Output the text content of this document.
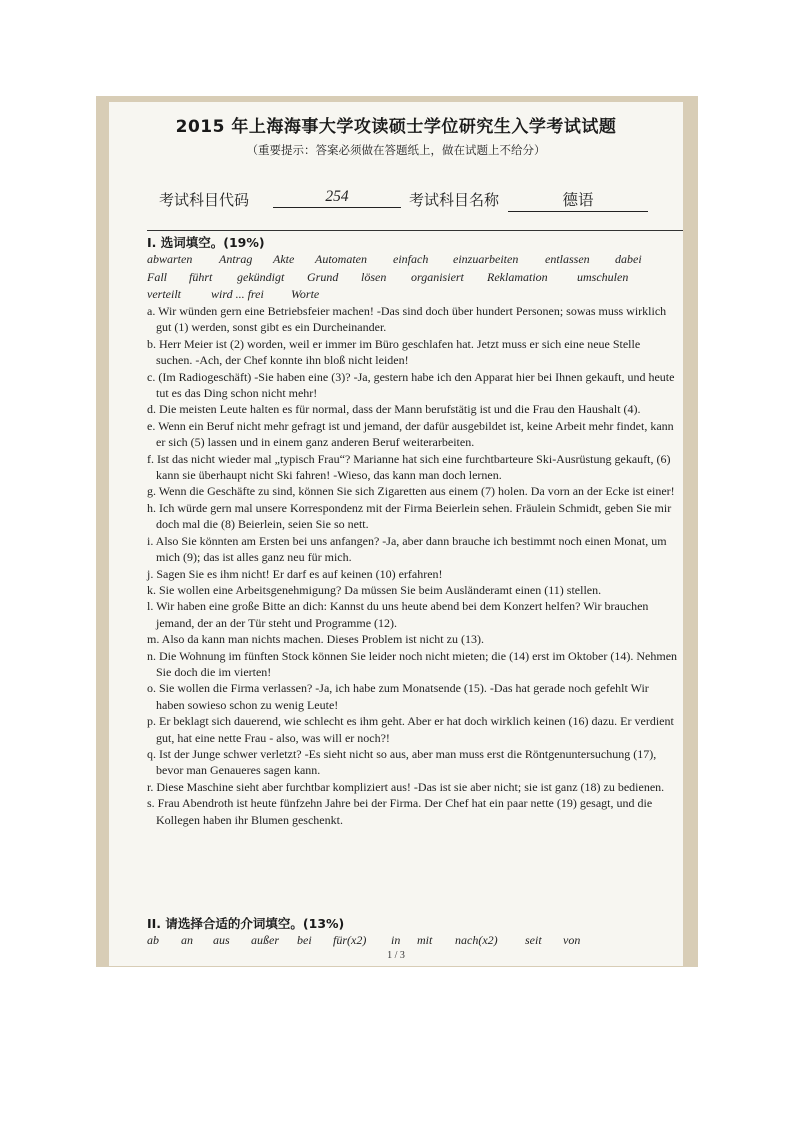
2015 年上海海事大学攻读硕士学位研究生入学考试试题
（重要提示：答案必须做在答题纸上，做在试题上不给分）
考试科目代码	254	考试科目名称	德语
I. 选词填空。(19%)
abwarten Antrag Akte Automaten einfach einzuarbeiten entlassen dabei
Fall führt gekündigt Grund lösen organisiert Reklamation umschulen
verteilt	wird ... frei Worte

a. Wir wünden gern eine Betriebsfeier machen! -Das sind doch über hundert Personen; sowas muss wirklich gut (1) werden, sonst gibt es ein Durcheinander.

b. Herr Meier ist (2) worden, weil er immer im Büro geschlafen hat. Jetzt muss er sich eine neue Stelle suchen. -Ach, der Chef konnte ihn bloß nicht leiden!

c. (Im Radiogeschäft) -Sie haben eine (3)? -Ja, gestern habe ich den Apparat hier bei Ihnen gekauft, und heute tut es das Ding schon nicht mehr!

d. Die meisten Leute halten es für normal, dass der Mann berufstätig ist und die Frau den Haushalt (4).

e. Wenn ein Beruf nicht mehr gefragt ist und jemand, der dafür ausgebildet ist, keine Arbeit mehr findet, kann er sich (5) lassen und in einem ganz anderen Beruf weiterarbeiten.

f. Ist das nicht wieder mal „typisch Frau“? Marianne hat sich eine furchtbarteure Ski-Ausrüstung gekauft, (6) kann sie überhaupt nicht Ski fahren! -Wieso, das kann man doch lernen.

g. Wenn die Geschäfte zu sind, können Sie sich Zigaretten aus einem (7) holen. Da vorn an der Ecke ist einer!

h. Ich würde gern mal unsere Korrespondenz mit der Firma Beierlein sehen. Fräulein Schmidt, geben Sie mir doch mal die (8) Beierlein, seien Sie so nett.

i. Also Sie könnten am Ersten bei uns anfangen? -Ja, aber dann brauche ich bestimmt noch einen Monat, um mich (9); das ist alles ganz neu für mich.

j. Sagen Sie es ihm nicht! Er darf es auf keinen (10) erfahren!

k. Sie wollen eine Arbeitsgenehmigung? Da müssen Sie beim Ausländeramt einen (11) stellen.

l. Wir haben eine große Bitte an dich: Kannst du uns heute abend bei dem Konzert helfen? Wir brauchen jemand, der an der Tür steht und Programme (12).

m. Also da kann man nichts machen. Dieses Problem ist nicht zu (13).

n. Die Wohnung im fünften Stock können Sie leider noch nicht mieten; die (14) erst im Oktober (14). Nehmen Sie doch die im vierten!

o. Sie wollen die Firma verlassen? -Ja, ich habe zum Monatsende (15). -Das hat gerade noch gefehlt Wir haben sowieso schon zu wenig Leute!

p. Er beklagt sich dauerend, wie schlecht es ihm geht. Aber er hat doch wirklich keinen (16) dazu. Er verdient gut, hat eine nette Frau - also, was will er noch?!

q. Ist der Junge schwer verletzt? -Es sieht nicht so aus, aber man muss erst die Röntgenuntersuchung (17), bevor man Genaueres sagen kann.

r. Diese Maschine sieht aber furchtbar kompliziert aus! -Das ist sie aber nicht; sie ist ganz (18) zu bedienen.

s. Frau Abendroth ist heute fünfzehn Jahre bei der Firma. Der Chef hat ein paar nette (19) gesagt, und die Kollegen haben ihr Blumen geschenkt.

II. 请选择合适的介词填空。(13%)
ab an aus außer bei für(x2) in mit nach(x2) seit von
1 / 3
